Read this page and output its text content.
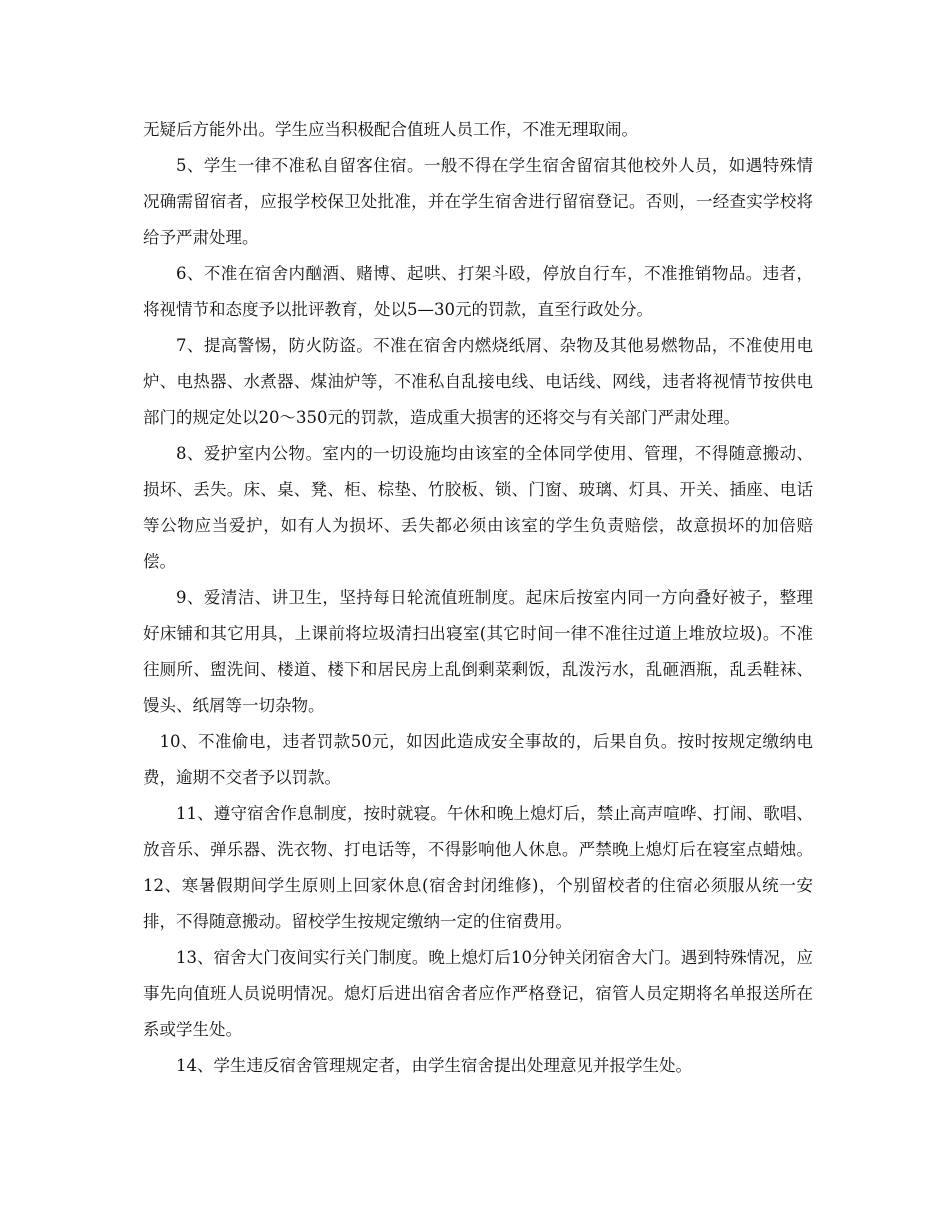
无疑后方能外出。学生应当积极配合值班人员工作，不准无理取闹。

5、学生一律不准私自留客住宿。一般不得在学生宿舍留宿其他校外人员，如遇特殊情况确需留宿者，应报学校保卫处批准，并在学生宿舍进行留宿登记。否则，一经查实学校将给予严肃处理。

6、不准在宿舍内酗酒、赌博、起哄、打架斗殴，停放自行车，不准推销物品。违者，将视情节和态度予以批评教育，处以5—30元的罚款，直至行政处分。

7、提高警惕，防火防盗。不准在宿舍内燃烧纸屑、杂物及其他易燃物品，不准使用电炉、电热器、水煮器、煤油炉等，不准私自乱接电线、电话线、网线，违者将视情节按供电部门的规定处以20～350元的罚款，造成重大损害的还将交与有关部门严肃处理。

8、爱护室内公物。室内的一切设施均由该室的全体同学使用、管理，不得随意搬动、损坏、丢失。床、桌、凳、柜、棕垫、竹胶板、锁、门窗、玻璃、灯具、开关、插座、电话等公物应当爱护，如有人为损坏、丢失都必须由该室的学生负责赔偿，故意损坏的加倍赔偿。

9、爱清洁、讲卫生，坚持每日轮流值班制度。起床后按室内同一方向叠好被子，整理好床铺和其它用具，上课前将垃圾清扫出寝室(其它时间一律不准往过道上堆放垃圾)。不准往厕所、盥洗间、楼道、楼下和居民房上乱倒剩菜剩饭，乱泼污水，乱砸酒瓶，乱丢鞋袜、馒头、纸屑等一切杂物。

10、不准偷电，违者罚款50元，如因此造成安全事故的，后果自负。按时按规定缴纳电费，逾期不交者予以罚款。

11、遵守宿舍作息制度，按时就寝。午休和晚上熄灯后，禁止高声喧哗、打闹、歌唱、放音乐、弹乐器、洗衣物、打电话等，不得影响他人休息。严禁晚上熄灯后在寝室点蜡烛。12、寒暑假期间学生原则上回家休息(宿舍封闭维修)，个别留校者的住宿必须服从统一安排，不得随意搬动。留校学生按规定缴纳一定的住宿费用。

13、宿舍大门夜间实行关门制度。晚上熄灯后10分钟关闭宿舍大门。遇到特殊情况，应事先向值班人员说明情况。熄灯后进出宿舍者应作严格登记，宿管人员定期将名单报送所在系或学生处。

14、学生违反宿舍管理规定者，由学生宿舍提出处理意见并报学生处。
